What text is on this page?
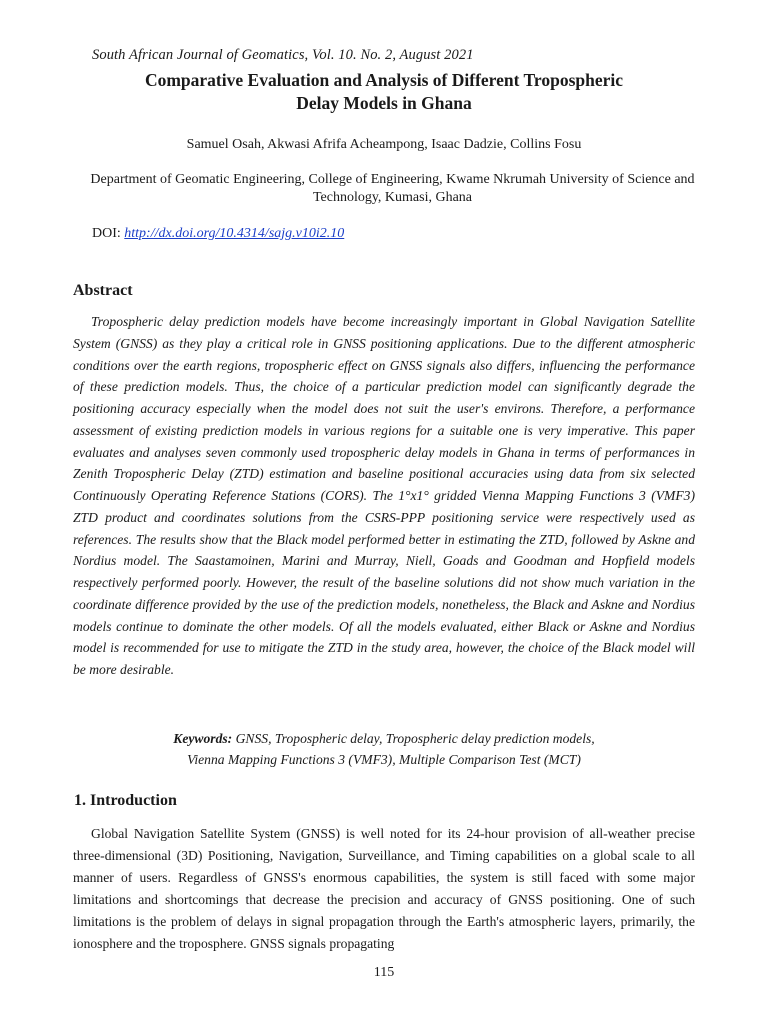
South African Journal of Geomatics, Vol. 10. No. 2, August 2021
Comparative Evaluation and Analysis of Different Tropospheric
Delay Models in Ghana
Samuel Osah, Akwasi Afrifa Acheampong, Isaac Dadzie, Collins Fosu
Department of Geomatic Engineering, College of Engineering, Kwame Nkrumah University of Science and Technology, Kumasi, Ghana
DOI: http://dx.doi.org/10.4314/sajg.v10i2.10
Abstract
Tropospheric delay prediction models have become increasingly important in Global Navigation Satellite System (GNSS) as they play a critical role in GNSS positioning applications. Due to the different atmospheric conditions over the earth regions, tropospheric effect on GNSS signals also differs, influencing the performance of these prediction models. Thus, the choice of a particular prediction model can significantly degrade the positioning accuracy especially when the model does not suit the user's environs. Therefore, a performance assessment of existing prediction models in various regions for a suitable one is very imperative. This paper evaluates and analyses seven commonly used tropospheric delay models in Ghana in terms of performances in Zenith Tropospheric Delay (ZTD) estimation and baseline positional accuracies using data from six selected Continuously Operating Reference Stations (CORS). The 1°x1° gridded Vienna Mapping Functions 3 (VMF3) ZTD product and coordinates solutions from the CSRS-PPP positioning service were respectively used as references. The results show that the Black model performed better in estimating the ZTD, followed by Askne and Nordius model. The Saastamoinen, Marini and Murray, Niell, Goads and Goodman and Hopfield models respectively performed poorly. However, the result of the baseline solutions did not show much variation in the coordinate difference provided by the use of the prediction models, nonetheless, the Black and Askne and Nordius models continue to dominate the other models. Of all the models evaluated, either Black or Askne and Nordius model is recommended for use to mitigate the ZTD in the study area, however, the choice of the Black model will be more desirable.
Keywords: GNSS, Tropospheric delay, Tropospheric delay prediction models,
Vienna Mapping Functions 3 (VMF3), Multiple Comparison Test (MCT)
1. Introduction
Global Navigation Satellite System (GNSS) is well noted for its 24-hour provision of all-weather precise three-dimensional (3D) Positioning, Navigation, Surveillance, and Timing capabilities on a global scale to all manner of users. Regardless of GNSS's enormous capabilities, the system is still faced with some major limitations and shortcomings that decrease the precision and accuracy of GNSS positioning. One of such limitations is the problem of delays in signal propagation through the Earth's atmospheric layers, primarily, the ionosphere and the troposphere. GNSS signals propagating
115
